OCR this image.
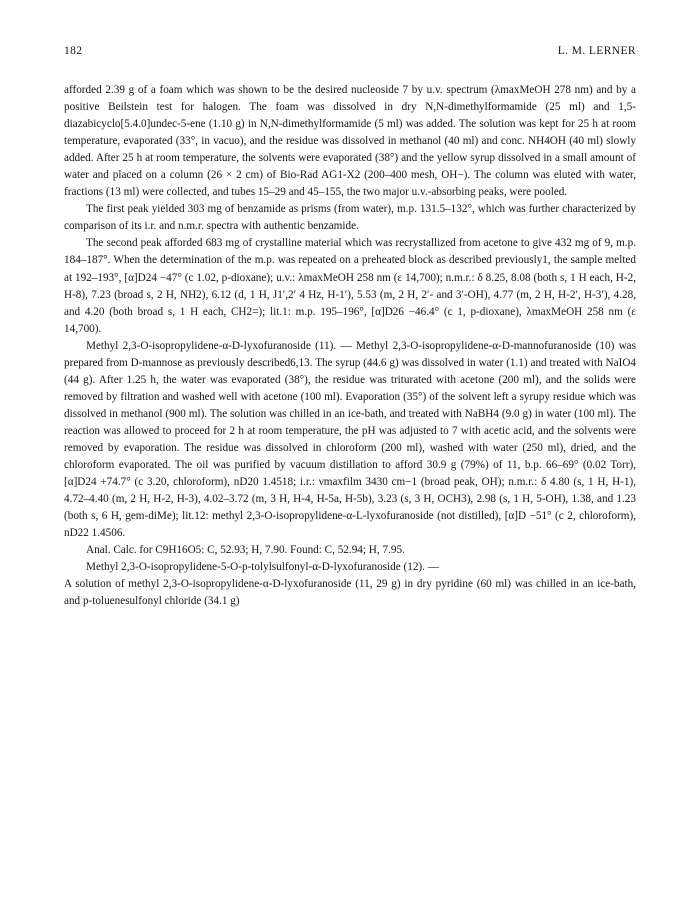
182	L. M. LERNER

afforded 2.39 g of a foam which was shown to be the desired nucleoside 7 by u.v. spectrum (λmaxMeOH 278 nm) and by a positive Beilstein test for halogen. The foam was dissolved in dry N,N-dimethylformamide (25 ml) and 1,5-diazabicyclo[5.4.0]undec-5-ene (1.10 g) in N,N-dimethylformamide (5 ml) was added. The solution was kept for 25 h at room temperature, evaporated (33°, in vacuo), and the residue was dissolved in methanol (40 ml) and conc. NH4OH (40 ml) slowly added. After 25 h at room temperature, the solvents were evaporated (38°) and the yellow syrup dissolved in a small amount of water and placed on a column (26 × 2 cm) of Bio-Rad AG1-X2 (200–400 mesh, OH−). The column was eluted with water, fractions (13 ml) were collected, and tubes 15–29 and 45–155, the two major u.v.-absorbing peaks, were pooled.

The first peak yielded 303 mg of benzamide as prisms (from water), m.p. 131.5–132°, which was further characterized by comparison of its i.r. and n.m.r. spectra with authentic benzamide.

The second peak afforded 683 mg of crystalline material which was recrystallized from acetone to give 432 mg of 9, m.p. 184–187°. When the determination of the m.p. was repeated on a preheated block as described previously1, the sample melted at 192–193°, [α]D24 −47° (c 1.02, p-dioxane); u.v.: λmaxMeOH 258 nm (ε 14,700); n.m.r.: δ 8.25, 8.08 (both s, 1 H each, H-2, H-8), 7.23 (broad s, 2 H, NH2), 6.12 (d, 1 H, J1′,2′ 4 Hz, H-1′), 5.53 (m, 2 H, 2′- and 3′-OH), 4.77 (m, 2 H, H-2′, H-3′), 4.28, and 4.20 (both broad s, 1 H each, CH2=); lit.1: m.p. 195–196°, [α]D26 −46.4° (c 1, p-dioxane), λmaxMeOH 258 nm (ε 14,700).

Methyl 2,3-O-isopropylidene-α-D-lyxofuranoside (11). — Methyl 2,3-O-isopropylidene-α-D-mannofuranoside (10) was prepared from D-mannose as previously described6,13. The syrup (44.6 g) was dissolved in water (1.1) and treated with NaIO4 (44 g). After 1.25 h, the water was evaporated (38°), the residue was triturated with acetone (200 ml), and the solids were removed by filtration and washed well with acetone (100 ml). Evaporation (35°) of the solvent left a syrupy residue which was dissolved in methanol (900 ml). The solution was chilled in an ice-bath, and treated with NaBH4 (9.0 g) in water (100 ml). The reaction was allowed to proceed for 2 h at room temperature, the pH was adjusted to 7 with acetic acid, and the solvents were removed by evaporation. The residue was dissolved in chloroform (200 ml), washed with water (250 ml), dried, and the chloroform evaporated. The oil was purified by vacuum distillation to afford 30.9 g (79%) of 11, b.p. 66–69° (0.02 Torr), [α]D24 +74.7° (c 3.20, chloroform), nD20 1.4518; i.r.: νmaxfilm 3430 cm−1 (broad peak, OH); n.m.r.: δ 4.80 (s, 1 H, H-1), 4.72–4.40 (m, 2 H, H-2, H-3), 4.02–3.72 (m, 3 H, H-4, H-5a, H-5b), 3.23 (s, 3 H, OCH3), 2.98 (s, 1 H, 5-OH), 1.38, and 1.23 (both s, 6 H, gem-diMe); lit.12: methyl 2,3-O-isopropylidene-α-L-lyxofuranoside (not distilled), [α]D −51° (c 2, chloroform), nD22 1.4506.

Anal. Calc. for C9H16O5: C, 52.93; H, 7.90. Found: C, 52.94; H, 7.95.

Methyl 2,3-O-isopropylidene-5-O-p-tolylsulfonyl-α-D-lyxofuranoside (12). —

A solution of methyl 2,3-O-isopropylidene-α-D-lyxofuranoside (11, 29 g) in dry pyridine (60 ml) was chilled in an ice-bath, and p-toluenesulfonyl chloride (34.1 g)
